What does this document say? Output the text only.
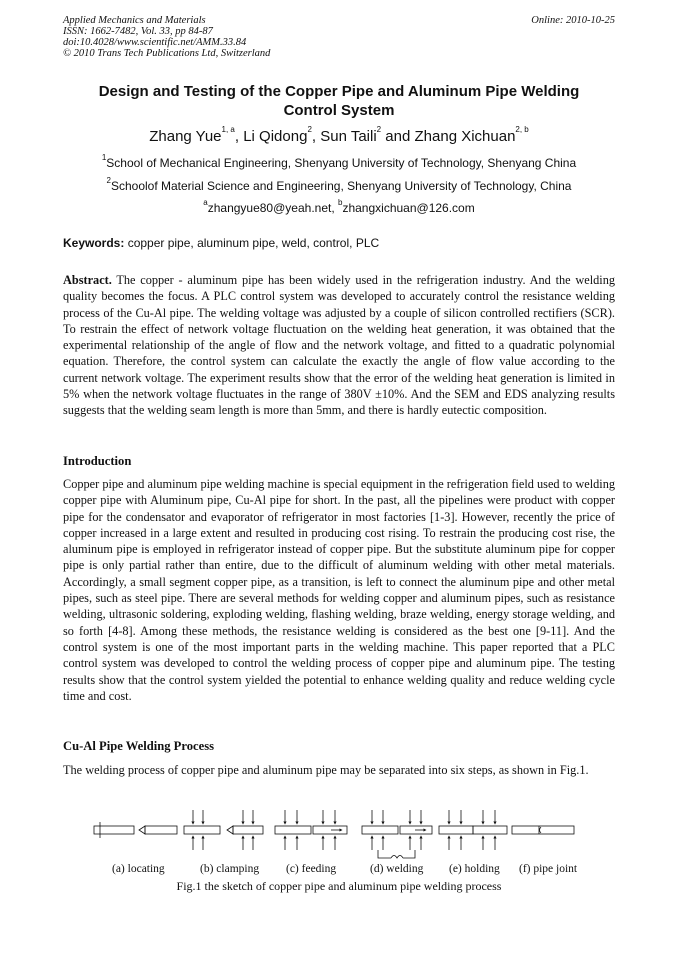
Applied Mechanics and Materials
ISSN: 1662-7482, Vol. 33, pp 84-87
doi:10.4028/www.scientific.net/AMM.33.84
© 2010 Trans Tech Publications Ltd, Switzerland
Online: 2010-10-25
Design and Testing of the Copper Pipe and Aluminum Pipe Welding
Control System
Zhang Yue$^{1, a}$, Li Qidong$^2$, Sun Taili$^2$ and Zhang Xichuan$^{2, b}$
$^1$School of Mechanical Engineering, Shenyang University of Technology, Shenyang China
$^2$Schoolof Material Science and Engineering, Shenyang University of Technology, China
$^a$zhangyue80@yeah.net, $^b$zhangxichuan@126.com
Keywords: copper pipe, aluminum pipe, weld, control, PLC

Abstract. The copper - aluminum pipe has been widely used in the refrigeration industry. And the welding quality becomes the focus. A PLC control system was developed to accurately control the resistance welding process of the Cu-Al pipe. The welding voltage was adjusted by a couple of silicon controlled rectifiers (SCR). To restrain the effect of network voltage fluctuation on the welding heat generation, it was obtained that the experimental relationship of the angle of flow and the network voltage, and fitted to a quadratic polynomial equation. Therefore, the control system can calculate the exactly the angle of flow value according to the current network voltage. The experiment results show that the error of the welding heat generation is limited in 5% when the network voltage fluctuates in the range of 380V ±10%. And the SEM and EDS analyzing results suggests that the welding seam length is more than 5mm, and there is hardly eutectic composition.

Introduction

Copper pipe and aluminum pipe welding machine is special equipment in the refrigeration field used to welding copper pipe with Aluminum pipe, Cu-Al pipe for short. In the past, all the pipelines were product with copper pipe for the condensator and evaporator of refrigerator in most factories [1-3]. However, recently the price of copper increased in a large extent and resulted in producing cost rising. To restrain the producing cost rise, the aluminum pipe is employed in refrigerator instead of copper pipe. But the substitute aluminum pipe for copper pipe is only partial rather than entire, due to the difficult of aluminum welding with other metal materials. Accordingly, a small segment copper pipe, as a transition, is left to connect the aluminum pipe and other metal pipes, such as steel pipe. There are several methods for welding copper and aluminum pipes, such as resistance welding, ultrasonic soldering, exploding welding, flashing welding, braze welding, energy storage welding, and so forth [4-8]. Among these methods, the resistance welding is considered as the best one [9-11]. And the control system is one of the most important parts in the welding machine. This paper reported that a PLC control system was developed to control the welding process of copper pipe and aluminum pipe. The testing results show that the control system yielded the potential to enhance welding quality and reduce welding cycle time and cost.

Cu-Al Pipe Welding Process

The welding process of copper pipe and aluminum pipe may be separated into six steps, as shown in Fig.1.

(a) locating	(b) clamping (c) feeding	(d) welding (e) holding (f) pipe joint
Fig.1 the sketch of copper pipe and aluminum pipe welding process
